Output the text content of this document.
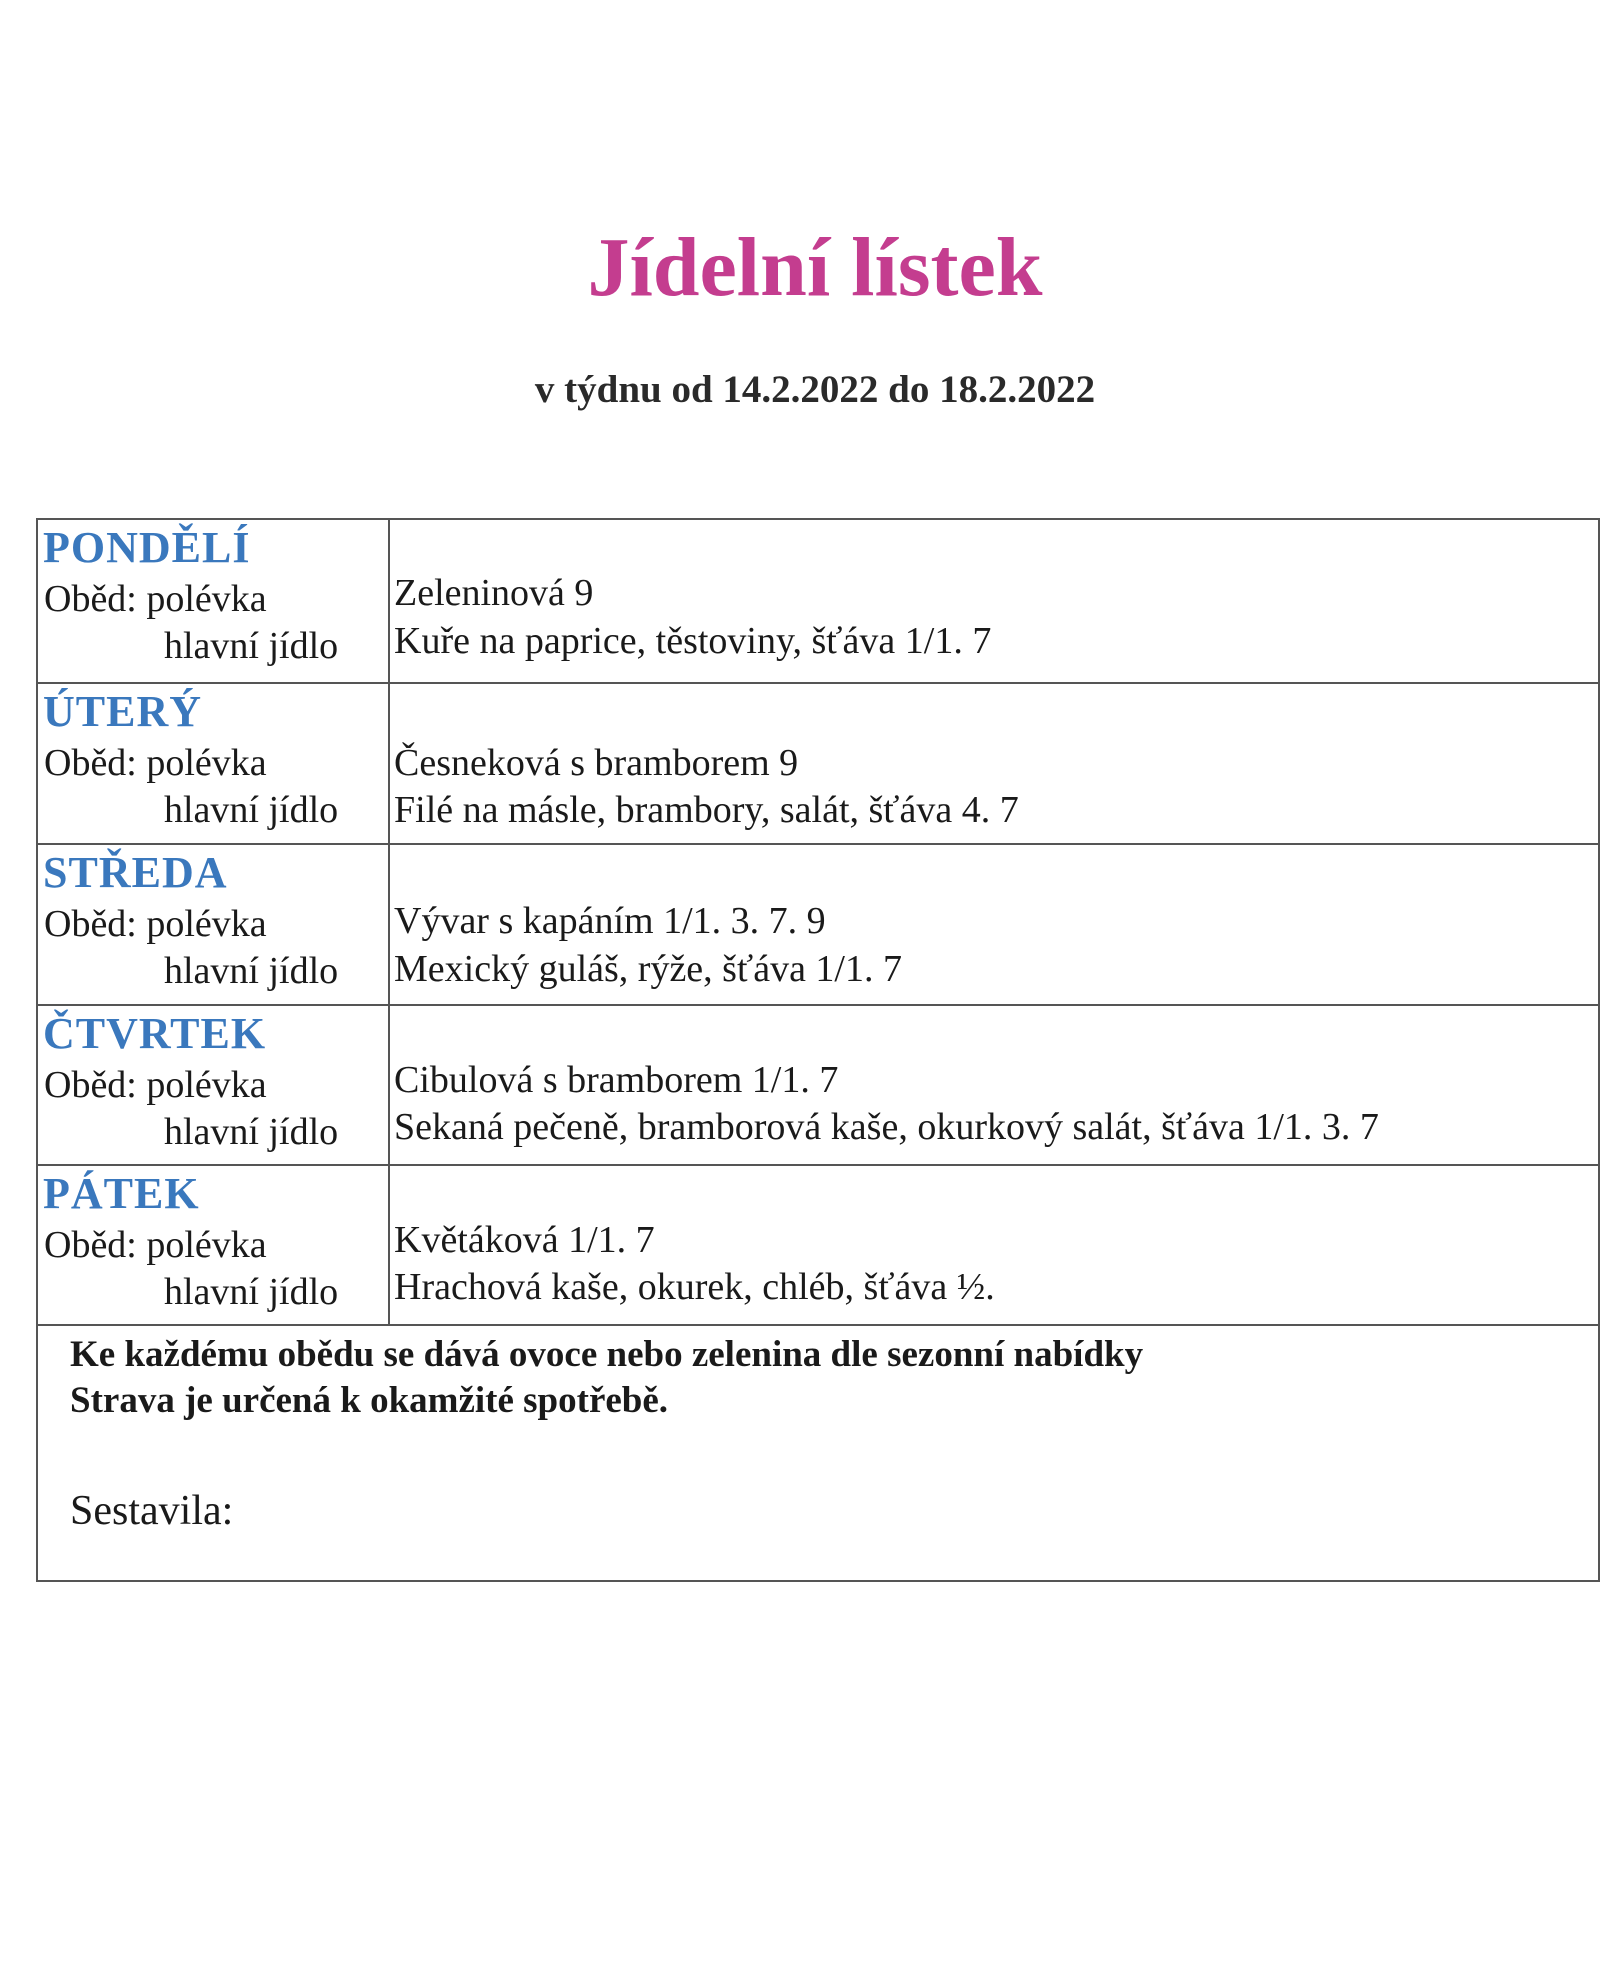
Jídelní lístek
v týdnu od 14.2.2022 do 18.2.2022
PONDĚLÍ
Oběd: polévka
hlavní jídlo
Zeleninová 9
Kuře na paprice, těstoviny, šťáva 1/1. 7
ÚTERÝ
Oběd: polévka
hlavní jídlo
Česneková s bramborem 9
Filé na másle, brambory, salát, šťáva 4. 7
STŘEDA
Oběd: polévka
hlavní jídlo
Vývar s kapáním 1/1. 3. 7. 9
Mexický guláš, rýže, šťáva 1/1. 7
ČTVRTEK
Oběd: polévka
hlavní jídlo
Cibulová s bramborem 1/1. 7
Sekaná pečeně, bramborová kaše, okurkový salát, šťáva 1/1. 3. 7
PÁTEK
Oběd: polévka
hlavní jídlo
Květáková 1/1. 7
Hrachová kaše, okurek, chléb, šťáva ½.
Ke každému obědu se dává ovoce nebo zelenina dle sezonní nabídky
Strava je určená k okamžité spotřebě.
Sestavila:
